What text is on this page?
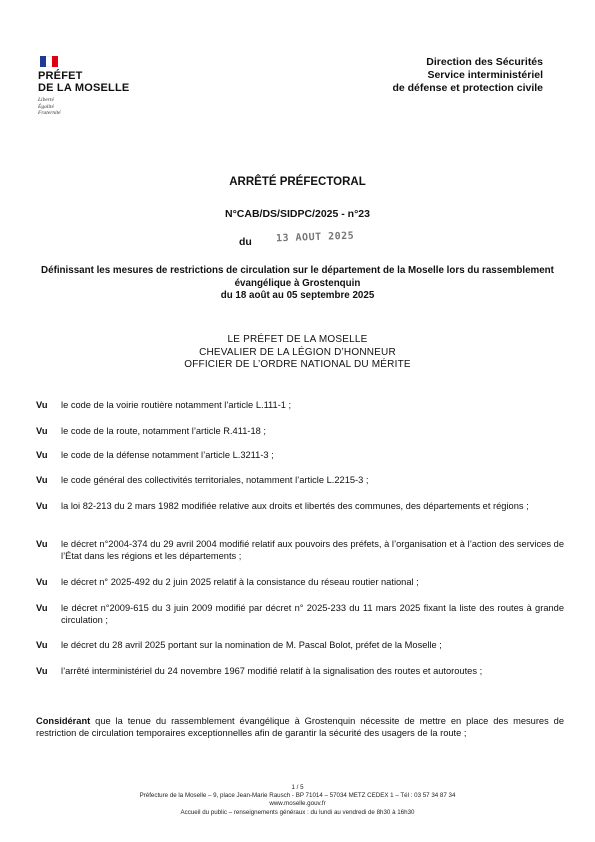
PRÉFET
DE LA MOSELLE
Liberté
Égalité
Fraternité
Direction des Sécurités
Service interministériel
de défense et protection civile
ARRÊTÉ PRÉFECTORAL
N°CAB/DS/SIDPC/2025 - n°23
du 13 AOUT 2025
Définissant les mesures de restrictions de circulation sur le département de la Moselle lors du rassemblement évangélique à Grostenquin
du 18 août au 05 septembre 2025
LE PRÉFET DE LA MOSELLE
CHEVALIER DE LA LÉGION D’HONNEUR
OFFICIER DE L’ORDRE NATIONAL DU MÉRITE
Vu	le code de la voirie routière notamment l’article L.111-1 ;
Vu	le code de la route, notamment l’article R.411-18 ;
Vu	le code de la défense notamment l’article L.3211-3 ;
Vu	le code général des collectivités territoriales, notamment l’article L.2215-3 ;
Vu	la loi 82-213 du 2 mars 1982 modifiée relative aux droits et libertés des communes, des départements et régions ;
Vu	le décret n°2004-374 du 29 avril 2004 modifié relatif aux pouvoirs des préfets, à l’organisation et à l’action des services de l’État dans les régions et les départements ;
Vu	le décret n° 2025-492 du 2 juin 2025 relatif à la consistance du réseau routier national ;
Vu	le décret n°2009-615 du 3 juin 2009 modifié par décret n° 2025-233 du 11 mars 2025 fixant la liste des routes à grande circulation ;
Vu	le décret du 28 avril 2025 portant sur la nomination de M. Pascal Bolot, préfet de la Moselle ;
Vu	l’arrêté interministériel du 24 novembre 1967 modifié relatif à la signalisation des routes et autoroutes ;
Considérant que la tenue du rassemblement évangélique à Grostenquin nécessite de mettre en place des mesures de restriction de circulation temporaires exceptionnelles afin de garantir la sécurité des usagers de la route ;
1 / 5
Préfecture de la Moselle – 9, place Jean-Marie Rausch - BP 71014 – 57034 METZ CEDEX 1 – Tél : 03 57 34 87 34
www.moselle.gouv.fr
Accueil du public – renseignements généraux : du lundi au vendredi de 8h30 à 16h30
